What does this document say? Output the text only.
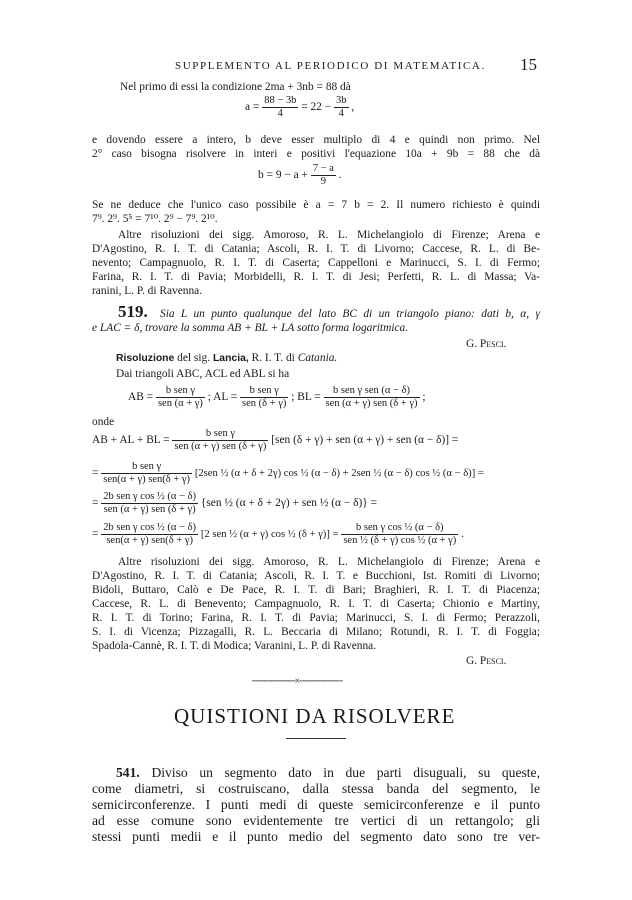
SUPPLEMENTO AL PERIODICO DI MATEMATICA. 15
Nel primo di essi la condizione 2ma + 3nb = 88 dà
$a = \frac{88 - 3b}{4} = 22 - \frac{3b}{4}$ ,
e dovendo essere a intero, b deve esser multiplo di 4 e quindi non primo. Nel
2° caso bisogna risolvere in interi e positivi l'equazione 10a + 9b = 88 che dà
$b = 9 - a + \frac{7 - a}{9}$ .
Se ne deduce che l'unico caso possibile è a = 7 b = 2. Il numero richiesto è quindi
7⁹. 2⁹. 5⁵ = 7¹⁰. 2⁹ − 7⁹. 2¹⁰.
Altre risoluzioni dei sigg. Amoroso, R. L. Michelangiolo di Firenze; Arena e
D'Agostino, R. I. T. di Catania; Ascoli, R. I. T. di Livorno; Caccese, R. L. di Be-
nevento; Campagnuolo, R. I. T. di Caserta; Cappelloni e Marinucci, S. I. di Fermo;
Farina, R. I. T. di Pavia; Morbidelli, R. I. T. di Jesi; Perfetti, R. L. di Massa; Va-
ranini, L. P. di Ravenna.
519. Sia L un punto qualunque del lato BC di un triangolo piano: dati b, α, γ
e LAC = δ, trovare la somma AB + BL + LA sotto forma logaritmica.
G. Pesci.
Risoluzione del sig. Lancia, R. I. T. di Catania.
Dai triangoli ABC, ACL ed ABL si ha
AB = $\frac{\text{b sen γ}}{\text{sen (α + γ)}}$ ; AL = $\frac{\text{b sen γ}}{\text{sen (δ + γ)}}$ ; BL = $\frac{\text{b sen γ sen (α − δ)}}{\text{sen (α + γ) sen (δ + γ)}}$ ;
onde
AB + AL + BL = $\frac{\text{b sen γ}}{\text{sen (α + γ) sen (δ + γ)}} [sen$ (δ + γ) + sen (α + γ) + sen (α − δ)] =
= $\frac{\text{b sen γ}}{\text{sen(α + γ) sen(δ + γ)}} [2sen$ ½ (α + δ + 2γ) cos ½ (α − δ) + 2sen ½ (α − δ) cos ½ (α − δ)] =
= $\frac{\text{2b sen γ cos ½ (α − δ)}}{\text{sen (α + γ) sen (δ + γ)}} \{sen$ ½ (α + δ + 2γ) + sen ½ (α − δ)} =
= $\frac{\text{2b sen γ cos ½ (α − δ)}}{\text{sen(α + γ) sen(δ + γ)}} [2$ sen ½ (α + γ) cos ½ $(\delta + \gamma)] = \frac{\text{b sen γ cos ½ (α − δ)}}{\text{sen ½ (δ + γ) cos ½ (α + γ)}}$ .
Altre risoluzioni dei sigg. Amoroso, R. L. Michelangiolo di Firenze; Arena e
D'Agostino, R. I. T. di Catania; Ascoli, R. I. T. e Bucchioni, Ist. Romiti di Livorno;
Bidoli, Buttaro, Calò e De Pace, R. I. T. di Bari; Braghieri, R. I. T. di Piacenza;
Caccese, R. L. di Benevento; Campagnuolo, R. I. T. di Caserta; Chionio e Martiny,
R. I. T. di Torino; Farina, R. I. T. di Pavia; Marinucci, S. I. di Fermo; Perazzoli,
S. I. di Vicenza; Pizzagalli, R. L. Beccaria di Milano; Rotundi, R. I. T. di Foggia;
Spadola-Cannè, R. I. T. di Modica; Varanini, L. P. di Ravenna.
G. Pesci.
───────×───────
QUISTIONI DA RISOLVERE
541. Diviso un segmento dato in due parti disuguali, su queste,
come diametri, si costruiscano, dalla stessa banda del segmento, le
semicirconferenze. I punti medi di queste semicirconferenze e il punto
ad esse comune sono evidentemente tre vertici di un rettangolo; gli
stessi punti medii e il punto medio del segmento dato sono tre ver-
